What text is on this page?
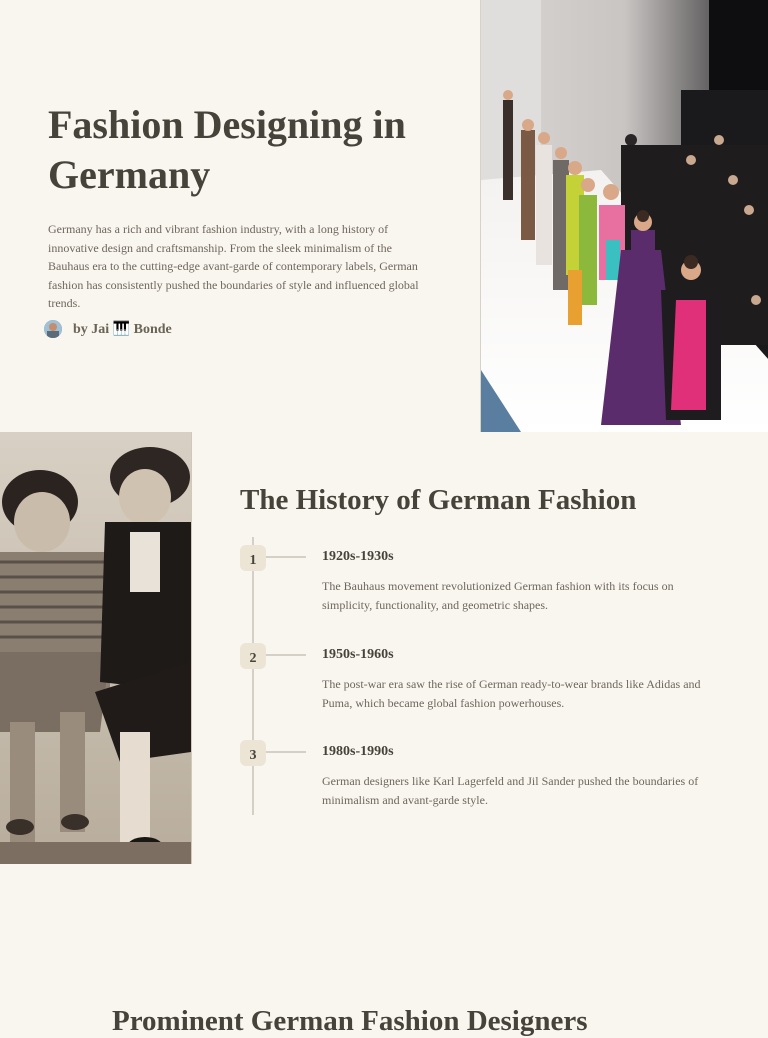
Fashion Designing in Germany
Germany has a rich and vibrant fashion industry, with a long history of innovative design and craftsmanship. From the sleek minimalism of the Bauhaus era to the cutting-edge avant-garde of contemporary labels, German fashion has consistently pushed the boundaries of style and influenced global trends.
by Jai 🎹 Bonde
The History of German Fashion
1	1920s-1930s
The Bauhaus movement revolutionized German fashion with its focus on simplicity, functionality, and geometric shapes.
2	1950s-1960s
The post-war era saw the rise of German ready-to-wear brands like Adidas and Puma, which became global fashion powerhouses.
3	1980s-1990s
German designers like Karl Lagerfeld and Jil Sander pushed the boundaries of minimalism and avant-garde style.
Prominent German Fashion Designers
